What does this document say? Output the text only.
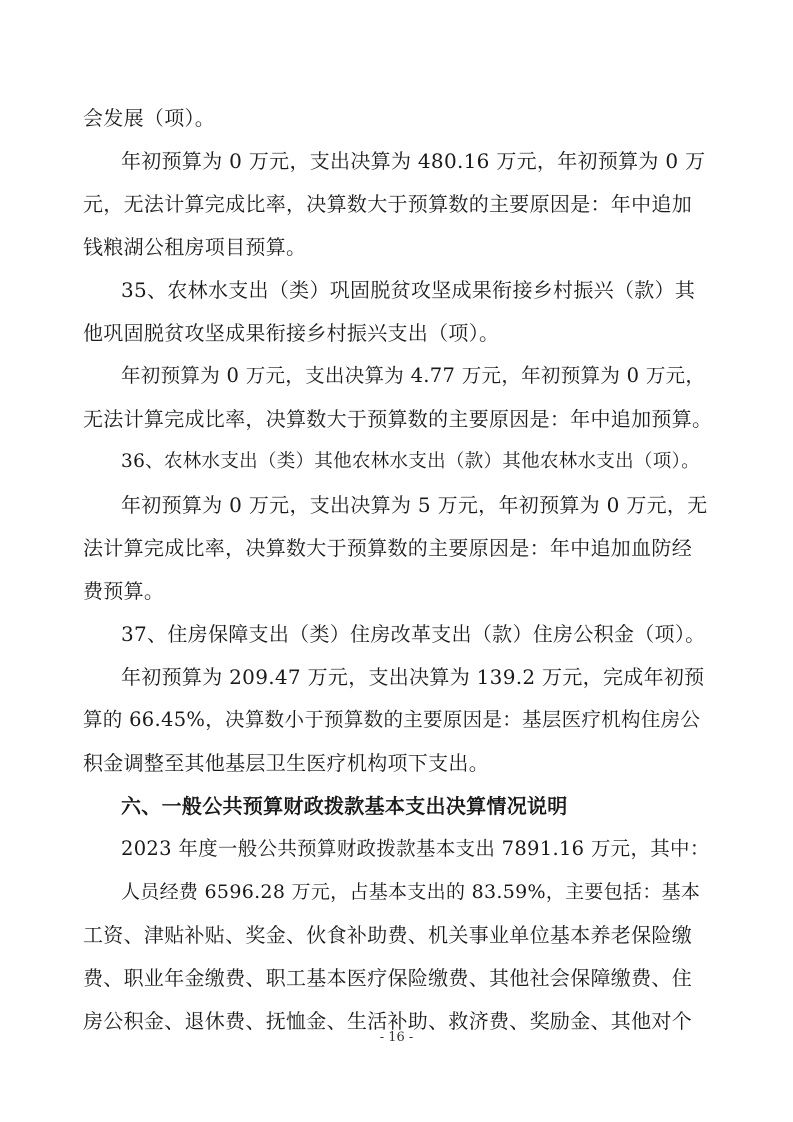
会发展（项）。
年初预算为 0 万元，支出决算为 480.16 万元，年初预算为 0 万
元，无法计算完成比率，决算数大于预算数的主要原因是：年中追加
钱粮湖公租房项目预算。
35、农林水支出（类）巩固脱贫攻坚成果衔接乡村振兴（款）其
他巩固脱贫攻坚成果衔接乡村振兴支出（项）。
年初预算为 0 万元，支出决算为 4.77 万元，年初预算为 0 万元，
无法计算完成比率，决算数大于预算数的主要原因是：年中追加预算。
36、农林水支出（类）其他农林水支出（款）其他农林水支出（项）。
年初预算为 0 万元，支出决算为 5 万元，年初预算为 0 万元，无
法计算完成比率，决算数大于预算数的主要原因是：年中追加血防经
费预算。
37、住房保障支出（类）住房改革支出（款）住房公积金（项）。
年初预算为 209.47 万元，支出决算为 139.2 万元，完成年初预
算的 66.45%，决算数小于预算数的主要原因是：基层医疗机构住房公
积金调整至其他基层卫生医疗机构项下支出。
六、一般公共预算财政拨款基本支出决算情况说明
2023 年度一般公共预算财政拨款基本支出 7891.16 万元，其中：
人员经费 6596.28 万元，占基本支出的 83.59%，主要包括：基本
工资、津贴补贴、奖金、伙食补助费、机关事业单位基本养老保险缴
费、职业年金缴费、职工基本医疗保险缴费、其他社会保障缴费、住
房公积金、退休费、抚恤金、生活补助、救济费、奖励金、其他对个
- 16 -
